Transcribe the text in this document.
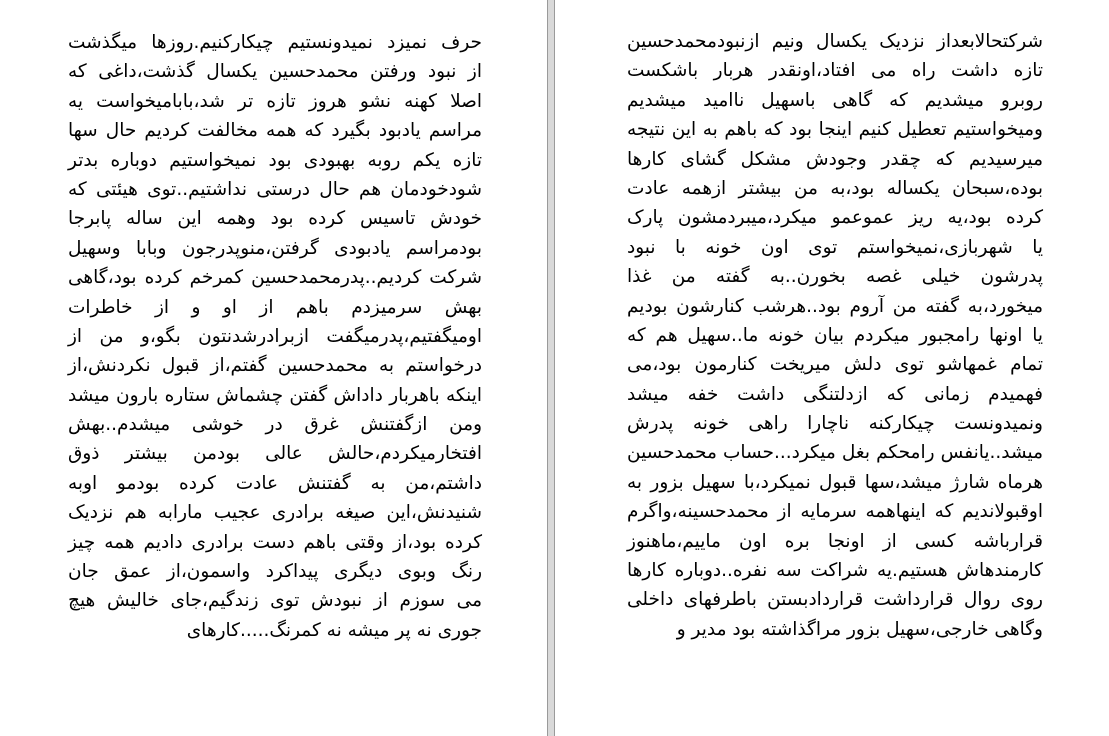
حرف نمیزد نمیدونستیم چیکارکنیم.روزها میگذشت
از نبود ورفتن محمدحسین یکسال گذشت،داغی که
اصلا کهنه نشو هروز تازه تر شد،بابامیخواست یه
مراسم یادبود بگیرد که همه مخالفت کردیم حال سها
تازه یکم روبه بهبودی بود نمیخواستیم دوباره بدتر
شودخودمان هم حال درستی نداشتیم..توی هیئتی که
خودش تاسیس کرده بود وهمه این ساله پابرجا
بودمراسم یادبودی گرفتن،منوپدرجون وبابا وسهیل
شرکت کردیم..پدرمحمدحسین کمرخم کرده بود،گاهی
بهش سرمیزدم باهم از او و از خاطرات
اومیگفتیم،پدرمیگفت ازبرادرشدنتون بگو،و من از
درخواستم به محمدحسین گفتم،از قبول نکردنش،از
اینکه باهربار داداش گفتن چشماش ستاره بارون میشد
ومن ازگفتنش غرق در خوشی میشدم..بهش
افتخارمیکردم،حالش عالی بودمن بیشتر ذوق
داشتم،من به گفتنش عادت کرده بودمو اوبه
شنیدنش،این صیغه برادری عجیب مارابه هم نزدیک
کرده بود،از وقتی باهم دست برادری دادیم همه چیز
رنگ وبوی دیگری پیداکرد واسمون،از عمق جان
می سوزم از نبودش توی زندگیم،جای خالیش هیچ
جوری نه پر میشه نه کمرنگ.....کارهای
شرکتحالابعداز نزدیک یکسال ونیم ازنبودمحمدحسین
تازه داشت راه می افتاد،اونقدر هربار باشکست
روبرو میشدیم که گاهی باسهیل ناامید میشدیم
ومیخواستیم تعطیل کنیم اینجا بود که باهم به این نتیجه
میرسیدیم که چقدر وجودش مشکل گشای کارها
بوده،سبحان یکساله بود،به من بیشتر ازهمه عادت
کرده بود،یه ریز عموعمو میکرد،میبردمشون پارک
یا شهربازی،نمیخواستم توی اون خونه با نبود
پدرشون خیلی غصه بخورن..به گفته من غذا
میخورد،به گفته من آروم بود..هرشب کنارشون بودیم
یا اونها رامجبور میکردم بیان خونه ما..سهیل هم که
تمام غمهاشو توی دلش میریخت کنارمون بود،می
فهمیدم زمانی که ازدلتنگی داشت خفه میشد
ونمیدونست چیکارکنه ناچارا راهی خونه پدرش
میشد..یانفس رامحکم بغل میکرد...حساب محمدحسین
هرماه شارژ میشد،سها قبول نمیکرد،با سهیل بزور به
اوقبولاندیم که اینهاهمه سرمایه از محمدحسینه،واگرم
قرارباشه کسی از اونجا بره اون ماییم،ماهنوز
کارمندهاش هستیم.یه شراکت سه نفره..دوباره کارها
روی روال قرارداشت قراردادبستن باطرفهای داخلی
وگاهی خارجی،سهیل بزور مراگذاشته بود مدیر و
